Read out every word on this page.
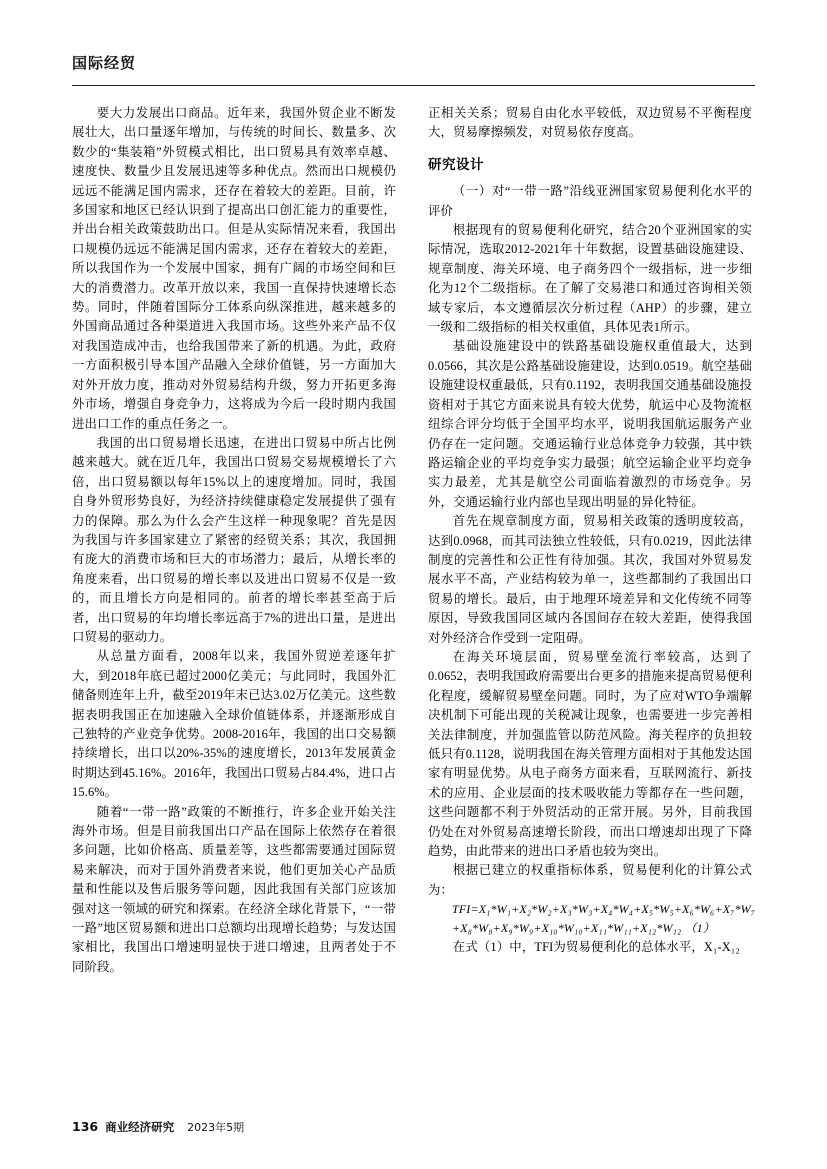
国际经贸

要大力发展出口商品。近年来，我国外贸企业不断发展壮大，出口量逐年增加，与传统的时间长、数量多、次数少的“集装箱”外贸模式相比，出口贸易具有效率卓越、速度快、数量少且发展迅速等多种优点。然而出口规模仍远远不能满足国内需求，还存在着较大的差距。目前，许多国家和地区已经认识到了提高出口创汇能力的重要性，并出台相关政策鼓助出口。但是从实际情况来看，我国出口规模仍远远不能满足国内需求，还存在着较大的差距，所以我国作为一个发展中国家，拥有广阔的市场空间和巨大的消费潜力。改革开放以来，我国一直保持快速增长态势。同时，伴随着国际分工体系向纵深推进，越来越多的外国商品通过各种渠道进入我国市场。这些外来产品不仅对我国造成冲击，也给我国带来了新的机遇。为此，政府一方面积极引导本国产品融入全球价值链，另一方面加大对外开放力度，推动对外贸易结构升级，努力开拓更多海外市场，增强自身竞争力，这将成为今后一段时期内我国进出口工作的重点任务之一。

我国的出口贸易增长迅速，在进出口贸易中所占比例越来越大。就在近几年，我国出口贸易交易规模增长了六倍，出口贸易额以每年15%以上的速度增加。同时，我国自身外贸形势良好，为经济持续健康稳定发展提供了强有力的保障。那么为什么会产生这样一种现象呢？首先是因为我国与许多国家建立了紧密的经贸关系；其次，我国拥有庞大的消费市场和巨大的市场潜力；最后，从增长率的角度来看，出口贸易的增长率以及进出口贸易不仅是一致的，而且增长方向是相同的。前者的增长率甚至高于后者，出口贸易的年均增长率远高于7%的进出口量，是进出口贸易的驱动力。

从总量方面看，2008年以来，我国外贸逆差逐年扩大，到2018年底已超过2000亿美元；与此同时，我国外汇储备则连年上升，截至2019年末已达3.02万亿美元。这些数据表明我国正在加速融入全球价值链体系，并逐渐形成自己独特的产业竞争优势。2008-2016年，我国的出口交易额持续增长，出口以20%-35%的速度增长，2013年发展黄金时期达到45.16%。2016年，我国出口贸易占84.4%，进口占15.6%。

随着“一带一路”政策的不断推行，许多企业开始关注海外市场。但是目前我国出口产品在国际上依然存在着很多问题，比如价格高、质量差等，这些都需要通过国际贸易来解决，而对于国外消费者来说，他们更加关心产品质量和性能以及售后服务等问题，因此我国有关部门应该加强对这一领域的研究和探索。在经济全球化背景下，“一带一路”地区贸易额和进出口总额均出现增长趋势；与发达国家相比，我国出口增速明显快于进口增速，且两者处于不同阶段。

正相关关系；贸易自由化水平较低，双边贸易不平衡程度大，贸易摩擦频发，对贸易依存度高。

研究设计

（一）对“一带一路”沿线亚洲国家贸易便利化水平的评价

根据现有的贸易便利化研究，结合20个亚洲国家的实际情况，选取2012-2021年十年数据，设置基础设施建设、规章制度、海关环境、电子商务四个一级指标，进一步细化为12个二级指标。在了解了交易港口和通过咨询相关领域专家后，本文遵循层次分析过程（AHP）的步骤，建立一级和二级指标的相关权重值，具体见表1所示。

基础设施建设中的铁路基础设施权重值最大，达到0.0566，其次是公路基础设施建设，达到0.0519。航空基础设施建设权重最低，只有0.1192，表明我国交通基础设施投资相对于其它方面来说具有较大优势，航运中心及物流枢纽综合评分均低于全国平均水平，说明我国航运服务产业仍存在一定问题。交通运输行业总体竞争力较强，其中铁路运输企业的平均竞争实力最强；航空运输企业平均竞争实力最差，尤其是航空公司面临着激烈的市场竞争。另外，交通运输行业内部也呈现出明显的异化特征。

首先在规章制度方面，贸易相关政策的透明度较高，达到0.0968，而其司法独立性较低，只有0.0219，因此法律制度的完善性和公正性有待加强。其次，我国对外贸易发展水平不高，产业结构较为单一，这些都制约了我国出口贸易的增长。最后，由于地理环境差异和文化传统不同等原因，导致我国同区域内各国间存在较大差距，使得我国对外经济合作受到一定阻碍。

在海关环境层面，贸易壁垒流行率较高，达到了0.0652，表明我国政府需要出台更多的措施来提高贸易便利化程度，缓解贸易壁垒问题。同时，为了应对WTO争端解决机制下可能出现的关税减让现象，也需要进一步完善相关法律制度，并加强监管以防范风险。海关程序的负担较低只有0.1128，说明我国在海关管理方面相对于其他发达国家有明显优势。从电子商务方面来看，互联网流行、新技术的应用、企业层面的技术吸收能力等都存在一些问题，这些问题都不利于外贸活动的正常开展。另外，目前我国仍处在对外贸易高速增长阶段，而出口增速却出现了下降趋势，由此带来的进出口矛盾也较为突出。

根据已建立的权重指标体系，贸易便利化的计算公式为：

TFI=X₁*W₁+X₂*W₂+X₃*W₃+X₄*W₄+X₅*W₅+X₆*W₆+X₇*W₇

+X₈*W₈+X₉*W₉+X₁₀*W₁₀+X₁₁*W₁₁+X₁₂*W₁₂ （1）

在式（1）中，TFI为贸易便利化的总体水平，X₁-X₁₂

136 商业经济研究 2023年5期
